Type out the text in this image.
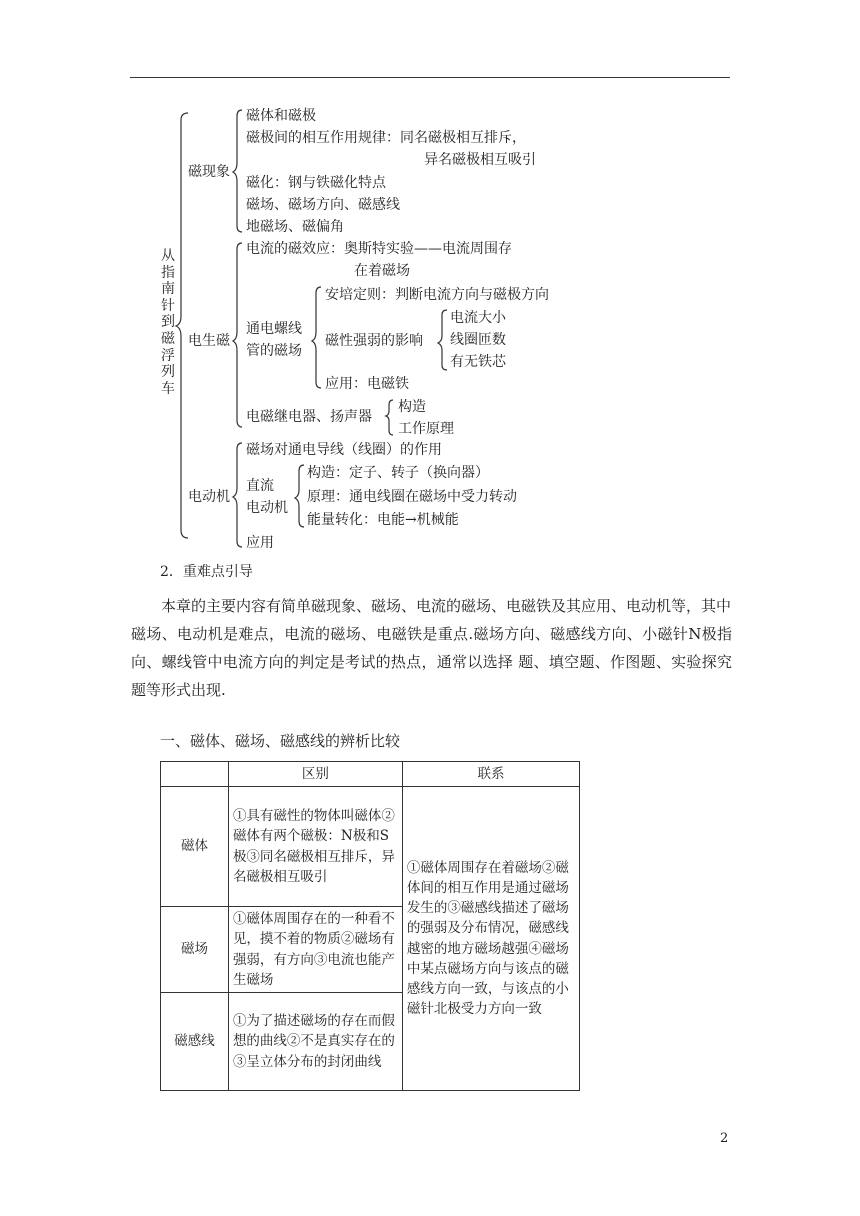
从
指
南
针
到
磁
浮
列
车
磁现象
磁体和磁极
磁极间的相互作用规律：同名磁极相互排斥，
异名磁极相互吸引
磁化：钢与铁磁化特点
磁场、磁场方向、磁感线
地磁场、磁偏角
电生磁
电流的磁效应：奥斯特实验——电流周围存
在着磁场
通电螺线
管的磁场
安培定则：判断电流方向与磁极方向
磁性强弱的影响
电流大小
线圈匝数
有无铁芯
应用：电磁铁
电磁继电器、扬声器
构造
工作原理
电动机
磁场对通电导线（线圈）的作用
直流
电动机
构造：定子、转子（换向器）
原理：通电线圈在磁场中受力转动
能量转化：电能→机械能
应用
2．重难点引导
本章的主要内容有简单磁现象、磁场、电流的磁场、电磁铁及其应用、电动机等，其中
磁场、电动机是难点，电流的磁场、电磁铁是重点.磁场方向、磁感线方向、小磁针N极指向、螺线管中电流方向的判定是考试的热点，通常以选择 题、填空题、作图题、实验探究题等形式出现.
一、磁体、磁场、磁感线的辨析比较
	区别	联系
磁体	①具有磁性的物体叫磁体②磁体有两个磁极：N极和S极③同名磁极相互排斥，异名磁极相互吸引	①磁体周围存在着磁场②磁体间的相互作用是通过磁场发生的③磁感线描述了磁场的强弱及分布情况，磁感线越密的地方磁场越强④磁场中某点磁场方向与该点的磁感线方向一致，与该点的小磁针北极受力方向一致
磁场	①磁体周围存在的一种看不见，摸不着的物质②磁场有强弱，有方向③电流也能产生磁场	
磁感线	①为了描述磁场的存在而假想的曲线②不是真实存在的③呈立体分布的封闭曲线	
2
